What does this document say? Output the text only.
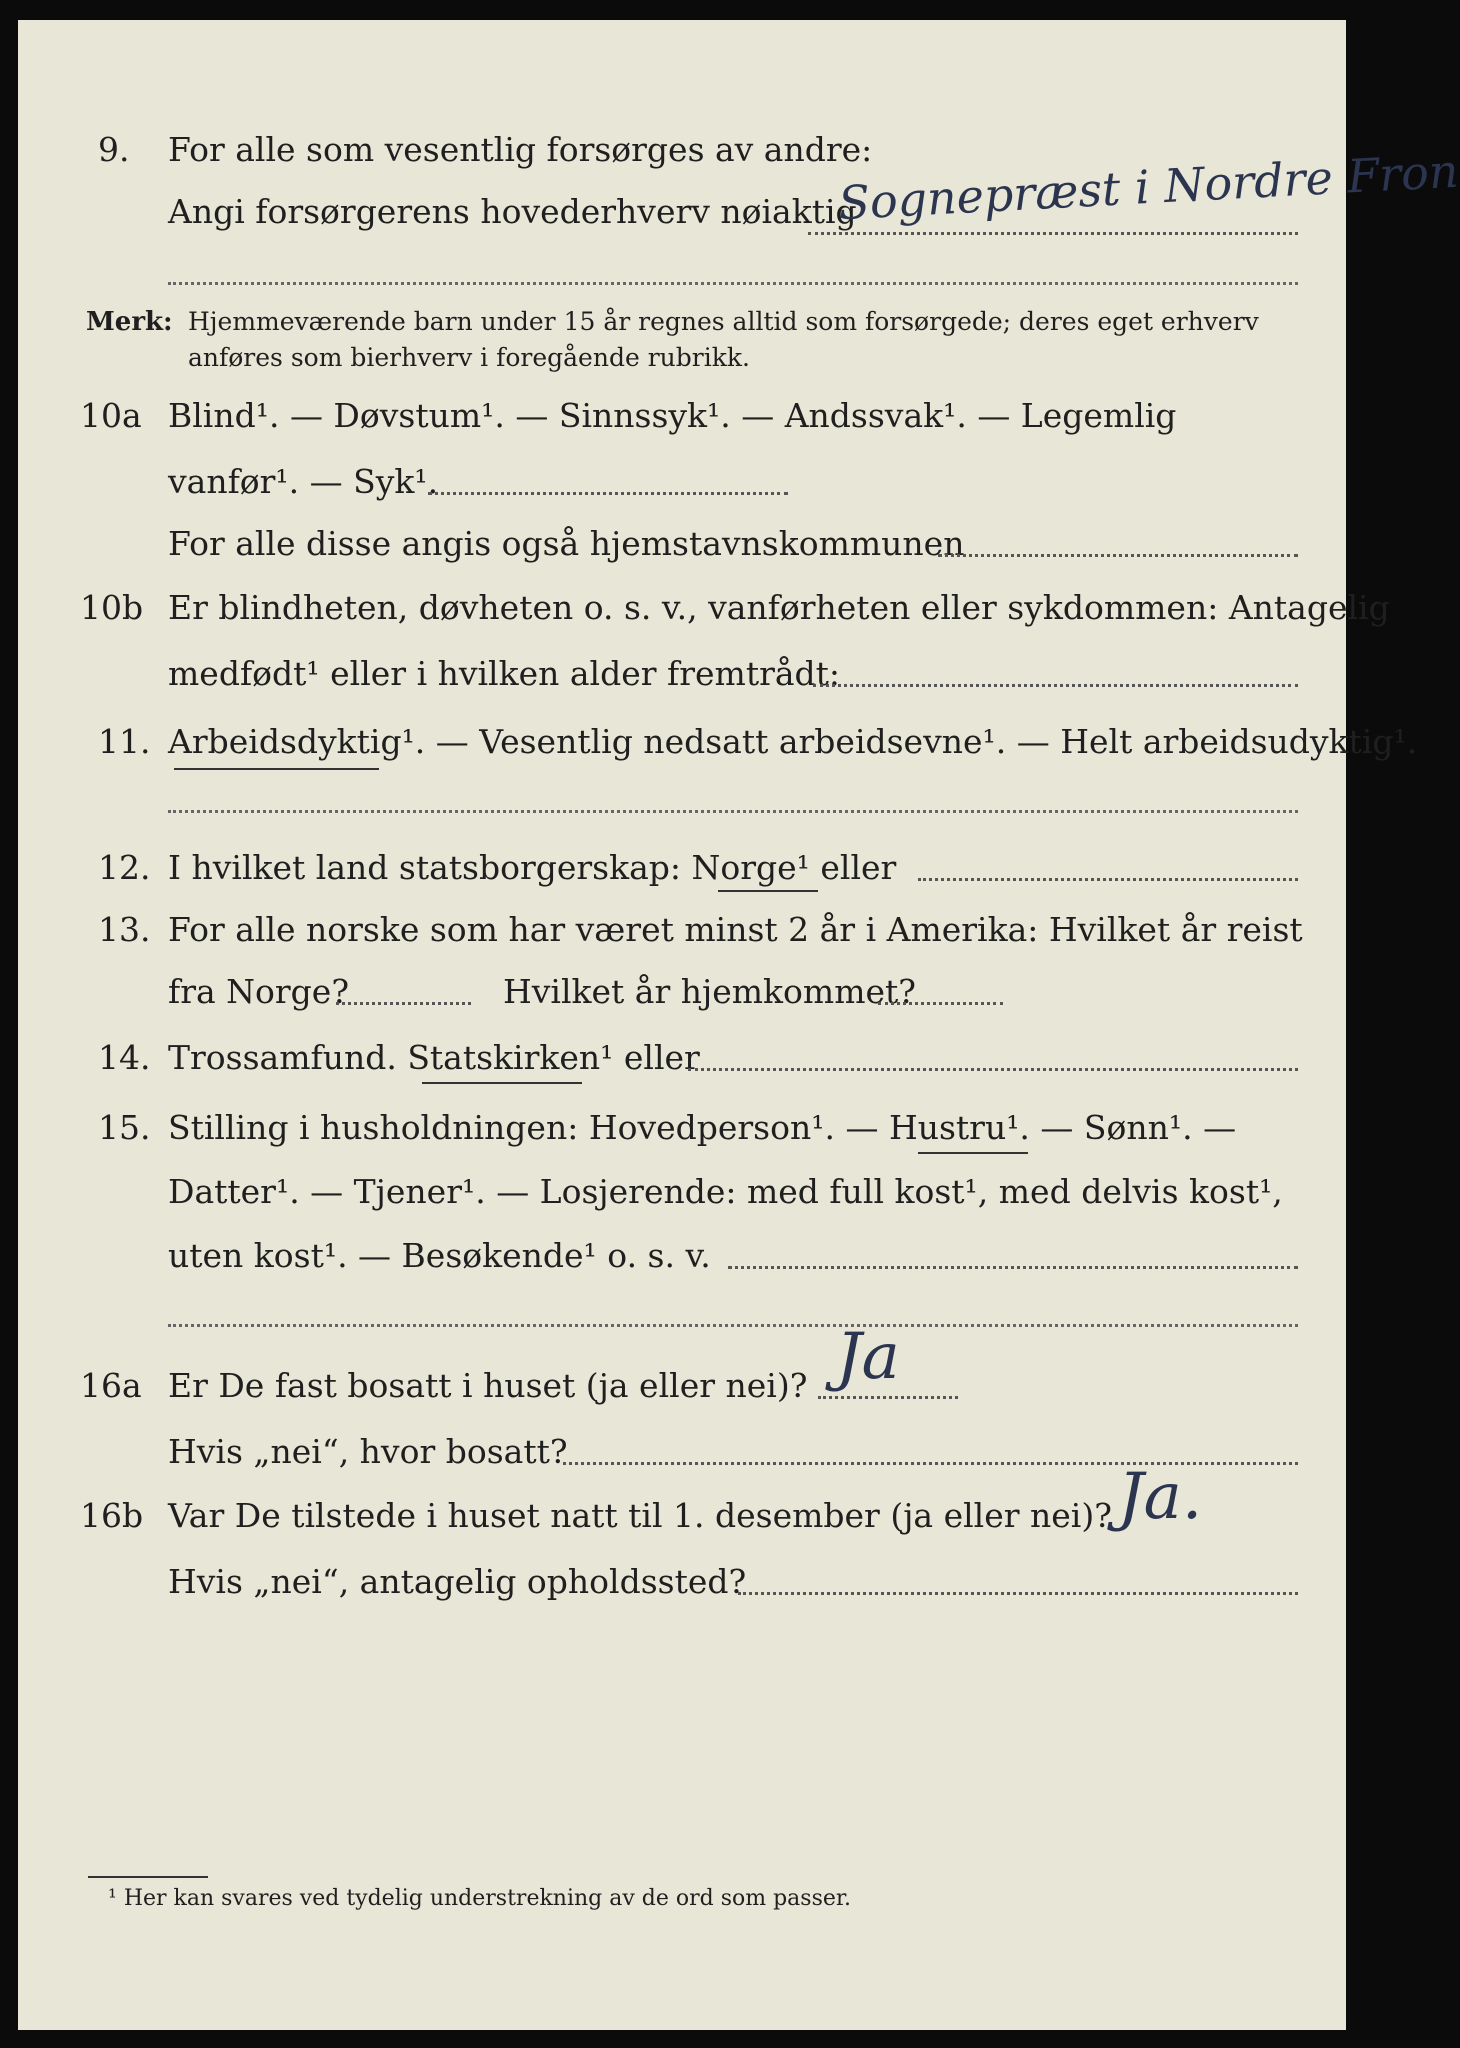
9. For alle som vesentlig forsørges av andre:
Angi forsørgerens hovederhverv nøiaktig
Sognepræst i Nordre Fron
Merk: Hjemmeværende barn under 15 år regnes alltid som forsørgede; deres eget erhverv
anføres som bierhverv i foregående rubrikk.
10a Blind¹. — Døvstum¹. — Sinnssyk¹. — Andssvak¹. — Legemlig
vanfør¹. — Syk¹.
For alle disse angis også hjemstavnskommunen
10b Er blindheten, døvheten o. s. v., vanførheten eller sykdommen: Antagelig
medfødt¹ eller i hvilken alder fremtrådt:
11. Arbeidsdyktig¹. — Vesentlig nedsatt arbeidsevne¹. — Helt arbeidsudyktig¹.
12. I hvilket land statsborgerskap: Norge¹ eller
13. For alle norske som har været minst 2 år i Amerika: Hvilket år reist
fra Norge?	Hvilket år hjemkommet?
14. Trossamfund. Statskirken¹ eller
15. Stilling i husholdningen: Hovedperson¹. — Hustru¹. — Sønn¹. —
Datter¹. — Tjener¹. — Losjerende: med full kost¹, med delvis kost¹,
uten kost¹. — Besøkende¹ o. s. v.
16a Er De fast bosatt i huset (ja eller nei)? Ja
Hvis „nei“, hvor bosatt?
16b Var De tilstede i huset natt til 1. desember (ja eller nei)? Ja.
Hvis „nei“, antagelig opholdssted?
¹ Her kan svares ved tydelig understrekning av de ord som passer.
